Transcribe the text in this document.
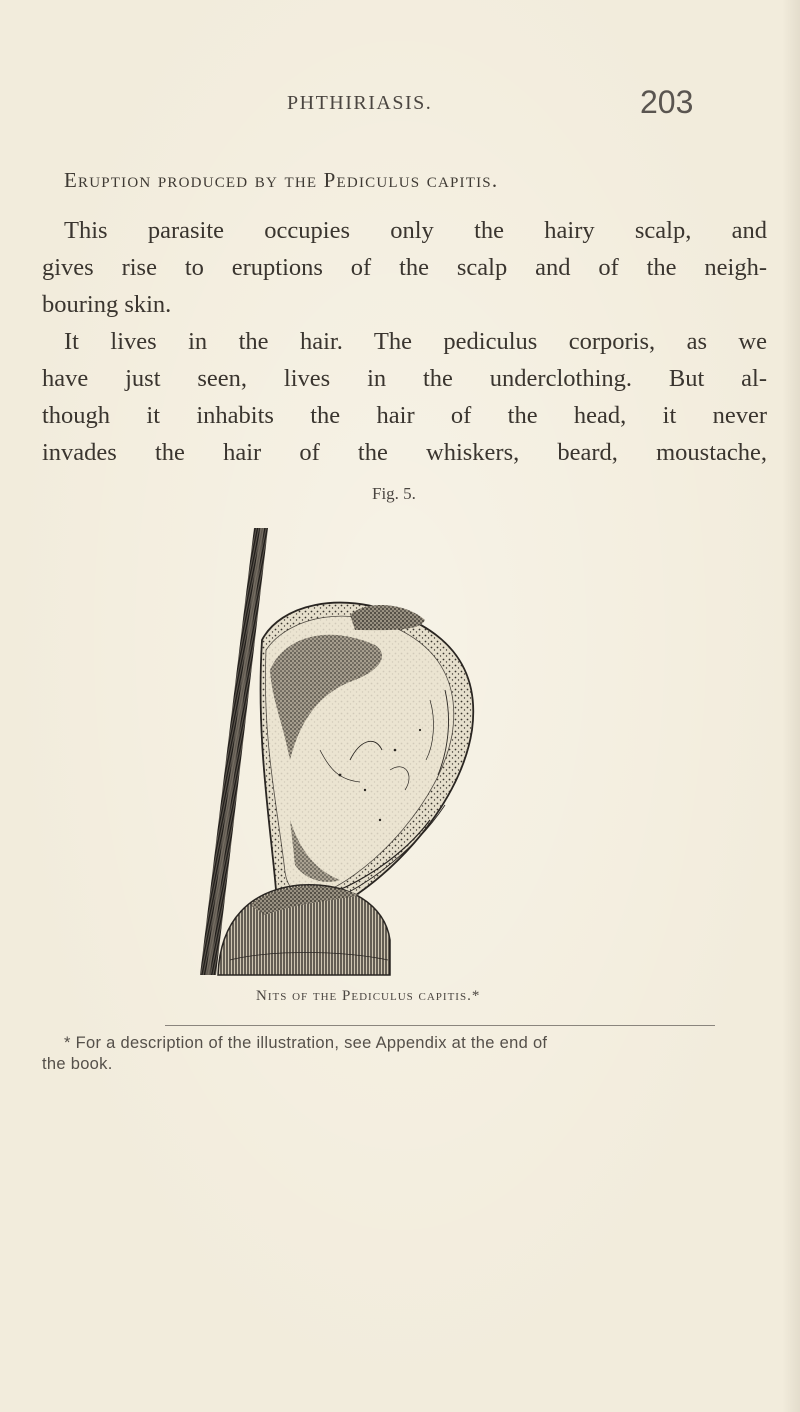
PHTHIRIASIS.	203
Eruption produced by the Pediculus capitis.

This parasite occupies only the hairy scalp, and

gives rise to eruptions of the scalp and of the neigh-

bouring skin.

It lives in the hair. The pediculus corporis, as we

have just seen, lives in the underclothing. But al-

though it inhabits the hair of the head, it never

invades the hair of the whiskers, beard, moustache,

Fig. 5.
Nits of the Pediculus capitis.*
* For a description of the illustration, see Appendix at the end of
the book.
